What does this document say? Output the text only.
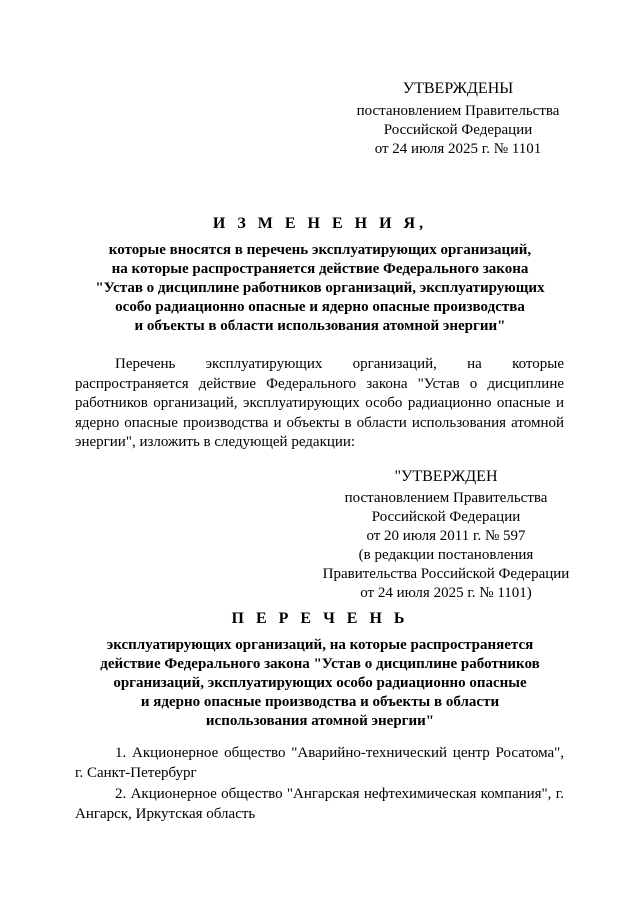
УТВЕРЖДЕНЫ
постановлением Правительства
Российской Федерации
от 24 июля 2025 г. № 1101
И З М Е Н Е Н И Я,
которые вносятся в перечень эксплуатирующих организаций,
на которые распространяется действие Федерального закона
"Устав о дисциплине работников организаций, эксплуатирующих
особо радиационно опасные и ядерно опасные производства
и объекты в области использования атомной энергии"
Перечень эксплуатирующих организаций, на которые распространяется действие Федерального закона "Устав о дисциплине работников организаций, эксплуатирующих особо радиационно опасные и ядерно опасные производства и объекты в области использования атомной энергии", изложить в следующей редакции:
"УТВЕРЖДЕН
постановлением Правительства
Российской Федерации
от 20 июля 2011 г. № 597
(в редакции постановления
Правительства Российской Федерации
от 24 июля 2025 г. № 1101)
П Е Р Е Ч Е Н Ь
эксплуатирующих организаций, на которые распространяется
действие Федерального закона "Устав о дисциплине работников
организаций, эксплуатирующих особо радиационно опасные
и ядерно опасные производства и объекты в области
использования атомной энергии"
1. Акционерное общество "Аварийно-технический центр Росатома", г. Санкт-Петербург
2. Акционерное общество "Ангарская нефтехимическая компания", г. Ангарск, Иркутская область
